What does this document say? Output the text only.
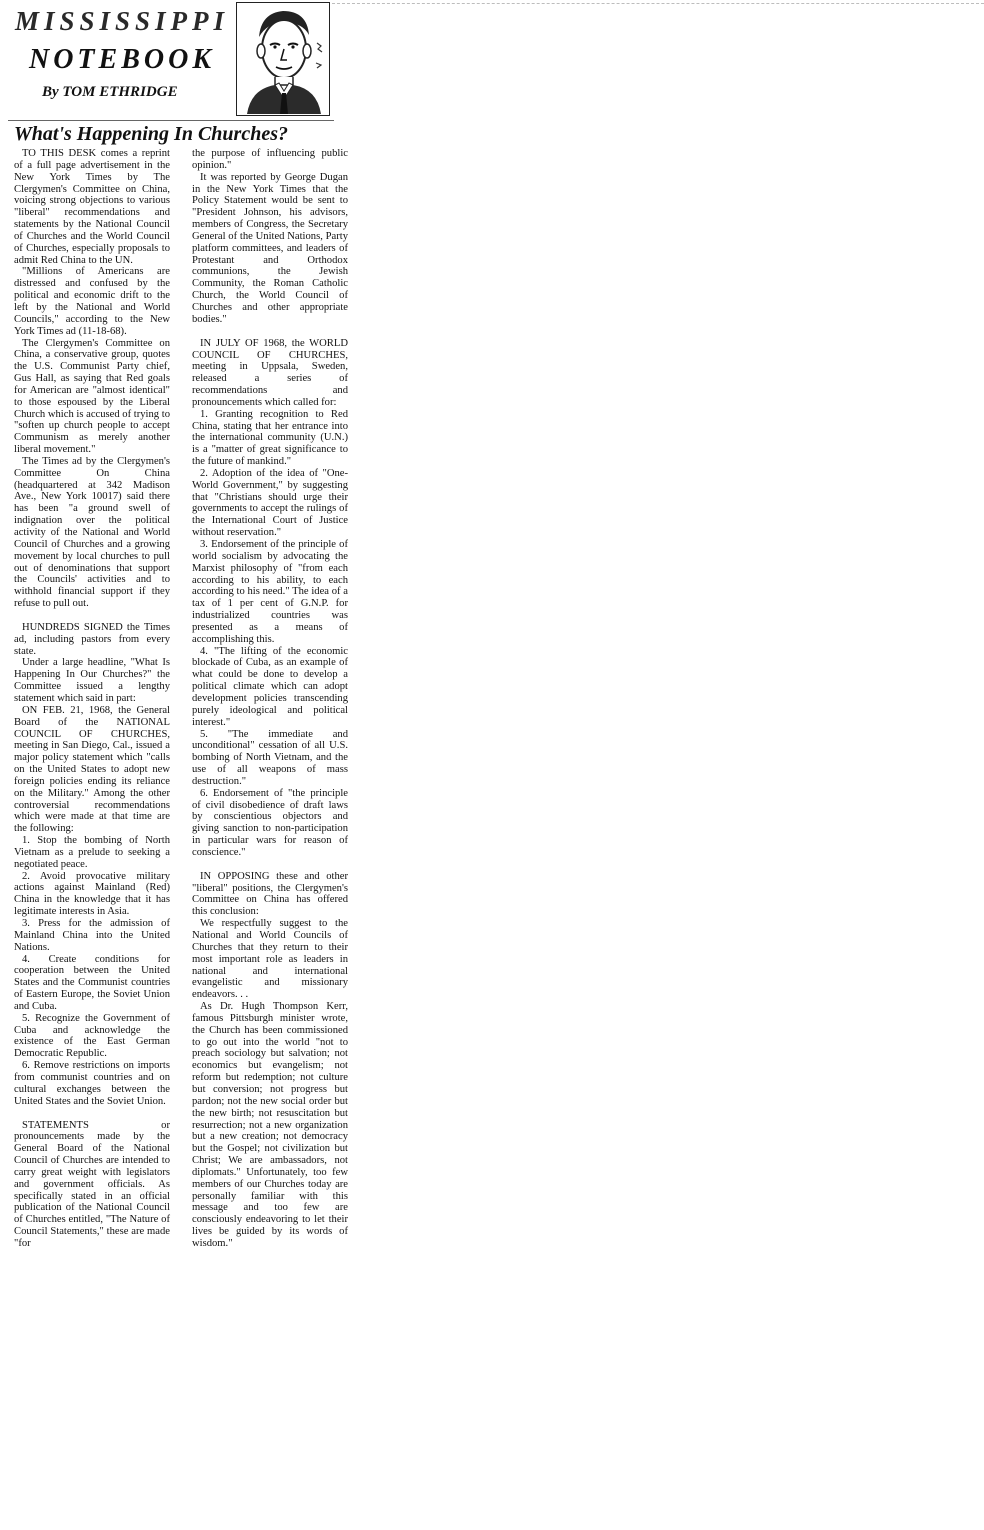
MISSISSIPPI
NOTEBOOK
By TOM ETHRIDGE
What's Happening In Churches?

TO THIS DESK comes a reprint of a full page advertisement in the New York Times by The Clergymen's Committee on China, voicing strong objections to various "liberal" recommendations and statements by the National Council of Churches and the World Council of Churches, especially proposals to admit Red China to the UN.

"Millions of Americans are distressed and confused by the political and economic drift to the left by the National and World Councils," according to the New York Times ad (11-18-68).

The Clergymen's Committee on China, a conservative group, quotes the U.S. Communist Party chief, Gus Hall, as saying that Red goals for American are "almost identical" to those espoused by the Liberal Church which is accused of trying to "soften up church people to accept Communism as merely another liberal movement."

The Times ad by the Clergymen's Committee On China (headquartered at 342 Madison Ave., New York 10017) said there has been "a ground swell of indignation over the political activity of the National and World Council of Churches and a growing movement by local churches to pull out of denominations that support the Councils' activities and to withhold financial support if they refuse to pull out.

HUNDREDS SIGNED the Times ad, including pastors from every state.

Under a large headline, "What Is Happening In Our Churches?" the Committee issued a lengthy statement which said in part:

ON FEB. 21, 1968, the General Board of the NATIONAL COUNCIL OF CHURCHES, meeting in San Diego, Cal., issued a major policy statement which "calls on the United States to adopt new foreign policies ending its reliance on the Military." Among the other controversial recommendations which were made at that time are the following:

1. Stop the bombing of North Vietnam as a prelude to seeking a negotiated peace.

2. Avoid provocative military actions against Mainland (Red) China in the knowledge that it has legitimate interests in Asia.

3. Press for the admission of Mainland China into the United Nations.

4. Create conditions for cooperation between the United States and the Communist countries of Eastern Europe, the Soviet Union and Cuba.

5. Recognize the Government of Cuba and acknowledge the existence of the East German Democratic Republic.

6. Remove restrictions on imports from communist countries and on cultural exchanges between the United States and the Soviet Union.

STATEMENTS or pronouncements made by the General Board of the National Council of Churches are intended to carry great weight with legislators and government officials. As specifically stated in an official publication of the National Council of Churches entitled, "The Nature of Council Statements," these are made "for

the purpose of influencing public opinion."

It was reported by George Dugan in the New York Times that the Policy Statement would be sent to "President Johnson, his advisors, members of Congress, the Secretary General of the United Nations, Party platform committees, and leaders of Protestant and Orthodox communions, the Jewish Community, the Roman Catholic Church, the World Council of Churches and other appropriate bodies."

IN JULY OF 1968, the WORLD COUNCIL OF CHURCHES, meeting in Uppsala, Sweden, released a series of recommendations and pronouncements which called for:

1. Granting recognition to Red China, stating that her entrance into the international community (U.N.) is a "matter of great significance to the future of mankind."

2. Adoption of the idea of "One-World Government," by suggesting that "Christians should urge their governments to accept the rulings of the International Court of Justice without reservation."

3. Endorsement of the principle of world socialism by advocating the Marxist philosophy of "from each according to his ability, to each according to his need." The idea of a tax of 1 per cent of G.N.P. for industrialized countries was presented as a means of accomplishing this.

4. "The lifting of the economic blockade of Cuba, as an example of what could be done to develop a political climate which can adopt development policies transcending purely ideological and political interest."

5. "The immediate and unconditional" cessation of all U.S. bombing of North Vietnam, and the use of all weapons of mass destruction."

6. Endorsement of "the principle of civil disobedience of draft laws by conscientious objectors and giving sanction to non-participation in particular wars for reason of conscience."

IN OPPOSING these and other "liberal" positions, the Clergymen's Committee on China has offered this conclusion:

We respectfully suggest to the National and World Councils of Churches that they return to their most important role as leaders in national and international evangelistic and missionary endeavors. . .

As Dr. Hugh Thompson Kerr, famous Pittsburgh minister wrote, the Church has been commissioned to go out into the world "not to preach sociology but salvation; not economics but evangelism; not reform but redemption; not culture but conversion; not progress but pardon; not the new social order but the new birth; not resuscitation but resurrection; not a new organization but a new creation; not democracy but the Gospel; not civilization but Christ; We are ambassadors, not diplomats." Unfortunately, too few members of our Churches today are personally familiar with this message and too few are consciously endeavoring to let their lives be guided by its words of wisdom."
